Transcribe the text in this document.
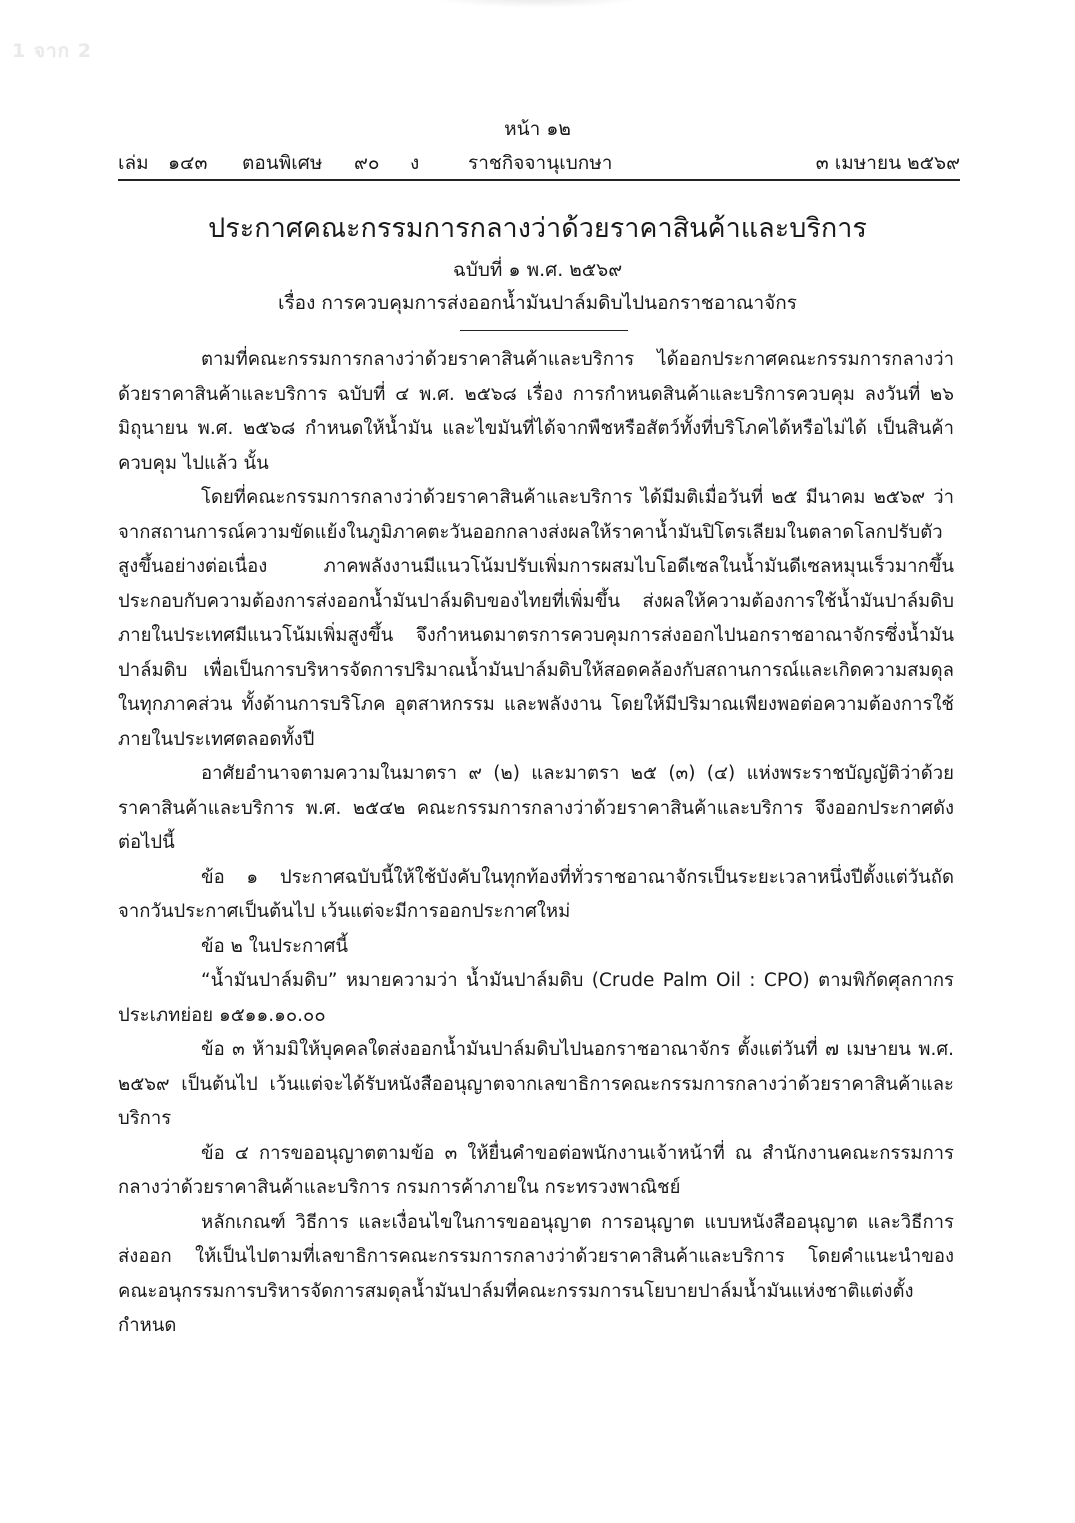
1 จาก 2
หน้า ๑๒
เล่ม ๑๔๓ ตอนพิเศษ ๙๐ ง	ราชกิจจานุเบกษา	๓ เมษายน ๒๕๖๙
ประกาศคณะกรรมการกลางว่าด้วยราคาสินค้าและบริการ
ฉบับที่ ๑ พ.ศ. ๒๕๖๙
เรื่อง การควบคุมการส่งออกน้ำมันปาล์มดิบไปนอกราชอาณาจักร

ตามที่คณะกรรมการกลางว่าด้วยราคาสินค้าและบริการ ได้ออกประกาศคณะกรรมการกลางว่าด้วยราคาสินค้าและบริการ ฉบับที่ ๔ พ.ศ. ๒๕๖๘ เรื่อง การกำหนดสินค้าและบริการควบคุม ลงวันที่ ๒๖ มิถุนายน พ.ศ. ๒๕๖๘ กำหนดให้น้ำมัน และไขมันที่ได้จากพืชหรือสัตว์ทั้งที่บริโภคได้หรือไม่ได้ เป็นสินค้าควบคุม ไปแล้ว นั้น

โดยที่คณะกรรมการกลางว่าด้วยราคาสินค้าและบริการ ได้มีมติเมื่อวันที่ ๒๕ มีนาคม ๒๕๖๙ ว่าจากสถานการณ์ความขัดแย้งในภูมิภาคตะวันออกกลางส่งผลให้ราคาน้ำมันปิโตรเลียมในตลาดโลกปรับตัวสูงขึ้นอย่างต่อเนื่อง ภาคพลังงานมีแนวโน้มปรับเพิ่มการผสมไบโอดีเซลในน้ำมันดีเซลหมุนเร็วมากขึ้น ประกอบกับความต้องการส่งออกน้ำมันปาล์มดิบของไทยที่เพิ่มขึ้น ส่งผลให้ความต้องการใช้น้ำมันปาล์มดิบภายในประเทศมีแนวโน้มเพิ่มสูงขึ้น จึงกำหนดมาตรการควบคุมการส่งออกไปนอกราชอาณาจักรซึ่งน้ำมันปาล์มดิบ เพื่อเป็นการบริหารจัดการปริมาณน้ำมันปาล์มดิบให้สอดคล้องกับสถานการณ์และเกิดความสมดุลในทุกภาคส่วน ทั้งด้านการบริโภค อุตสาหกรรม และพลังงาน โดยให้มีปริมาณเพียงพอต่อความต้องการใช้ภายในประเทศตลอดทั้งปี

อาศัยอำนาจตามความในมาตรา ๙ (๒) และมาตรา ๒๕ (๓) (๔) แห่งพระราชบัญญัติว่าด้วยราคาสินค้าและบริการ พ.ศ. ๒๕๔๒ คณะกรรมการกลางว่าด้วยราคาสินค้าและบริการ จึงออกประกาศดังต่อไปนี้

ข้อ ๑ ประกาศฉบับนี้ให้ใช้บังคับในทุกท้องที่ทั่วราชอาณาจักรเป็นระยะเวลาหนึ่งปีตั้งแต่วันถัดจากวันประกาศเป็นต้นไป เว้นแต่จะมีการออกประกาศใหม่

ข้อ ๒ ในประกาศนี้

“น้ำมันปาล์มดิบ” หมายความว่า น้ำมันปาล์มดิบ (Crude Palm Oil : CPO) ตามพิกัดศุลกากรประเภทย่อย ๑๕๑๑.๑๐.๐๐

ข้อ ๓ ห้ามมิให้บุคคลใดส่งออกน้ำมันปาล์มดิบไปนอกราชอาณาจักร ตั้งแต่วันที่ ๗ เมษายน พ.ศ. ๒๕๖๙ เป็นต้นไป เว้นแต่จะได้รับหนังสืออนุญาตจากเลขาธิการคณะกรรมการกลางว่าด้วยราคาสินค้าและบริการ

ข้อ ๔ การขออนุญาตตามข้อ ๓ ให้ยื่นคำขอต่อพนักงานเจ้าหน้าที่ ณ สำนักงานคณะกรรมการกลางว่าด้วยราคาสินค้าและบริการ กรมการค้าภายใน กระทรวงพาณิชย์

หลักเกณฑ์ วิธีการ และเงื่อนไขในการขออนุญาต การอนุญาต แบบหนังสืออนุญาต และวิธีการส่งออก ให้เป็นไปตามที่เลขาธิการคณะกรรมการกลางว่าด้วยราคาสินค้าและบริการ โดยคำแนะนำของคณะอนุกรรมการบริหารจัดการสมดุลน้ำมันปาล์มที่คณะกรรมการนโยบายปาล์มน้ำมันแห่งชาติแต่งตั้ง กำหนด
